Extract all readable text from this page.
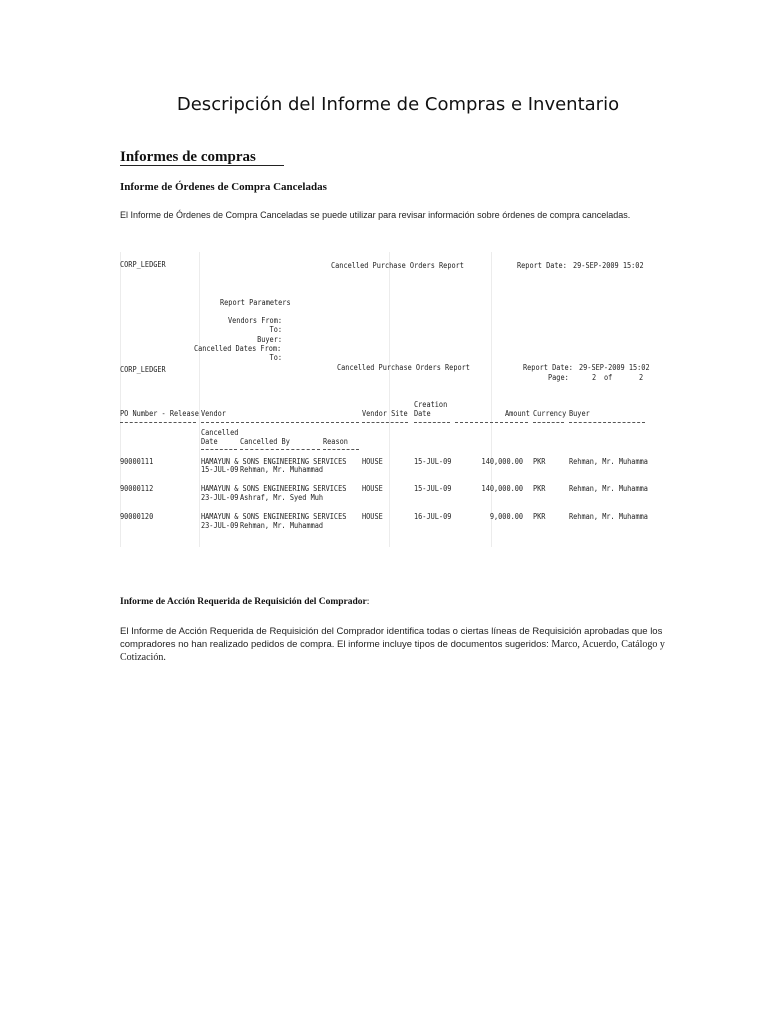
Descripción del Informe de Compras e Inventario
Informes de compras
Informe de Órdenes de Compra Canceladas
El Informe de Órdenes de Compra Canceladas se puede utilizar para revisar información sobre órdenes de compra canceladas.
CORP_LEDGER	Cancelled Purchase Orders Report	Report Date: 29-SEP-2009 15:02
Report Parameters
Vendors From:
To:
Buyer:
Cancelled Dates From:
To:
CORP_LEDGER	Cancelled Purchase Orders Report	Report Date: 29-SEP-2009 15:02
Page:	2 of	2
Creation
PO Number - Release Vendor	Vendor Site Date	Amount Currency Buyer
Cancelled
Date	Cancelled By	Reason
90000111	HAMAYUN & SONS ENGINEERING SERVICES HOUSE	15-JUL-09	140,000.00 PKR	Rehman, Mr. Muhamma
15-JUL-09 Rehman, Mr. Muhammad
90000112	HAMAYUN & SONS ENGINEERING SERVICES HOUSE	15-JUL-09	140,000.00 PKR	Rehman, Mr. Muhamma
23-JUL-09 Ashraf, Mr. Syed Muh
90000120	HAMAYUN & SONS ENGINEERING SERVICES HOUSE	16-JUL-09	9,000.00 PKR	Rehman, Mr. Muhamma
23-JUL-09 Rehman, Mr. Muhammad
Informe de Acción Requerida de Requisición del Comprador:
El Informe de Acción Requerida de Requisición del Comprador identifica todas o ciertas líneas de Requisición aprobadas que los compradores no han realizado pedidos de compra. El informe incluye tipos de documentos sugeridos: Marco, Acuerdo, Catálogo y Cotización.
